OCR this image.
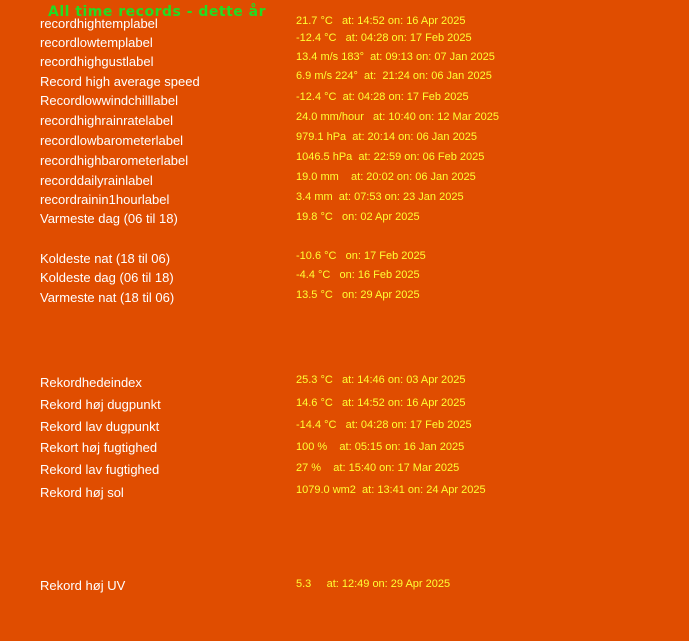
All time records - dette år
recordhightemplabel	21.7 °C   at: 14:52 on: 16 Apr 2025
recordlowtemplabel	-12.4 °C   at: 04:28 on: 17 Feb 2025
recordhighgustlabel	13.4 m/s 183°  at: 09:13 on: 07 Jan 2025
Record high average speed	6.9 m/s 224°  at:  21:24 on: 06 Jan 2025
Recordlowwindchilllabel	-12.4 °C  at: 04:28 on: 17 Feb 2025
recordhighrainratelabel	24.0 mm/hour   at: 10:40 on: 12 Mar 2025
recordlowbarometerlabel	979.1 hPa  at: 20:14 on: 06 Jan 2025
recordhighbarometerlabel	1046.5 hPa  at: 22:59 on: 06 Feb 2025
recorddailyrainlabel	19.0 mm    at: 20:02 on: 06 Jan 2025
recordrainin1hourlabel	3.4 mm  at: 07:53 on: 23 Jan 2025
Varmeste dag (06 til 18)	19.8 °C   on: 02 Apr 2025
Koldeste nat (18 til 06)	-10.6 °C   on: 17 Feb 2025
Koldeste dag (06 til 18)	-4.4 °C   on: 16 Feb 2025
Varmeste nat (18 til 06)	13.5 °C   on: 29 Apr 2025
Rekordhedeindex	25.3 °C   at: 14:46 on: 03 Apr 2025
Rekord høj dugpunkt	14.6 °C   at: 14:52 on: 16 Apr 2025
Rekord lav dugpunkt	-14.4 °C   at: 04:28 on: 17 Feb 2025
Rekort høj fugtighed	100 %    at: 05:15 on: 16 Jan 2025
Rekord lav fugtighed	27 %    at: 15:40 on: 17 Mar 2025
Rekord høj sol	1079.0 wm2  at: 13:41 on: 24 Apr 2025
Rekord høj UV	5.3     at: 12:49 on: 29 Apr 2025
